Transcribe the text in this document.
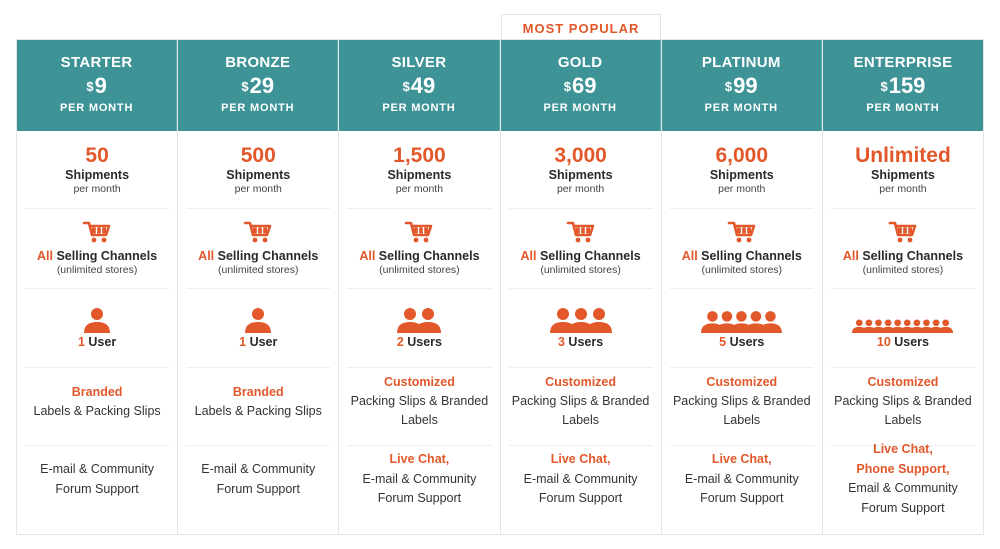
MOST POPULAR
STARTER
$9
PER MONTH
50
Shipments
per month
All Selling Channels
(unlimited stores)
1 User
Branded
Labels & Packing Slips
E-mail & Community
Forum Support
BRONZE
$29
PER MONTH
500
Shipments
per month
All Selling Channels
(unlimited stores)
1 User
Branded
Labels & Packing Slips
E-mail & Community
Forum Support
SILVER
$49
PER MONTH
1,500
Shipments
per month
All Selling Channels
(unlimited stores)
2 Users
Customized
Packing Slips & Branded
Labels
Live Chat,
E-mail & Community
Forum Support
GOLD
$69
PER MONTH
3,000
Shipments
per month
All Selling Channels
(unlimited stores)
3 Users
Customized
Packing Slips & Branded
Labels
Live Chat,
E-mail & Community
Forum Support
PLATINUM
$99
PER MONTH
6,000
Shipments
per month
All Selling Channels
(unlimited stores)
5 Users
Customized
Packing Slips & Branded
Labels
Live Chat,
E-mail & Community
Forum Support
ENTERPRISE
$159
PER MONTH
Unlimited
Shipments
per month
All Selling Channels
(unlimited stores)
10 Users
Customized
Packing Slips & Branded
Labels
Live Chat,
Phone Support,
Email & Community
Forum Support
